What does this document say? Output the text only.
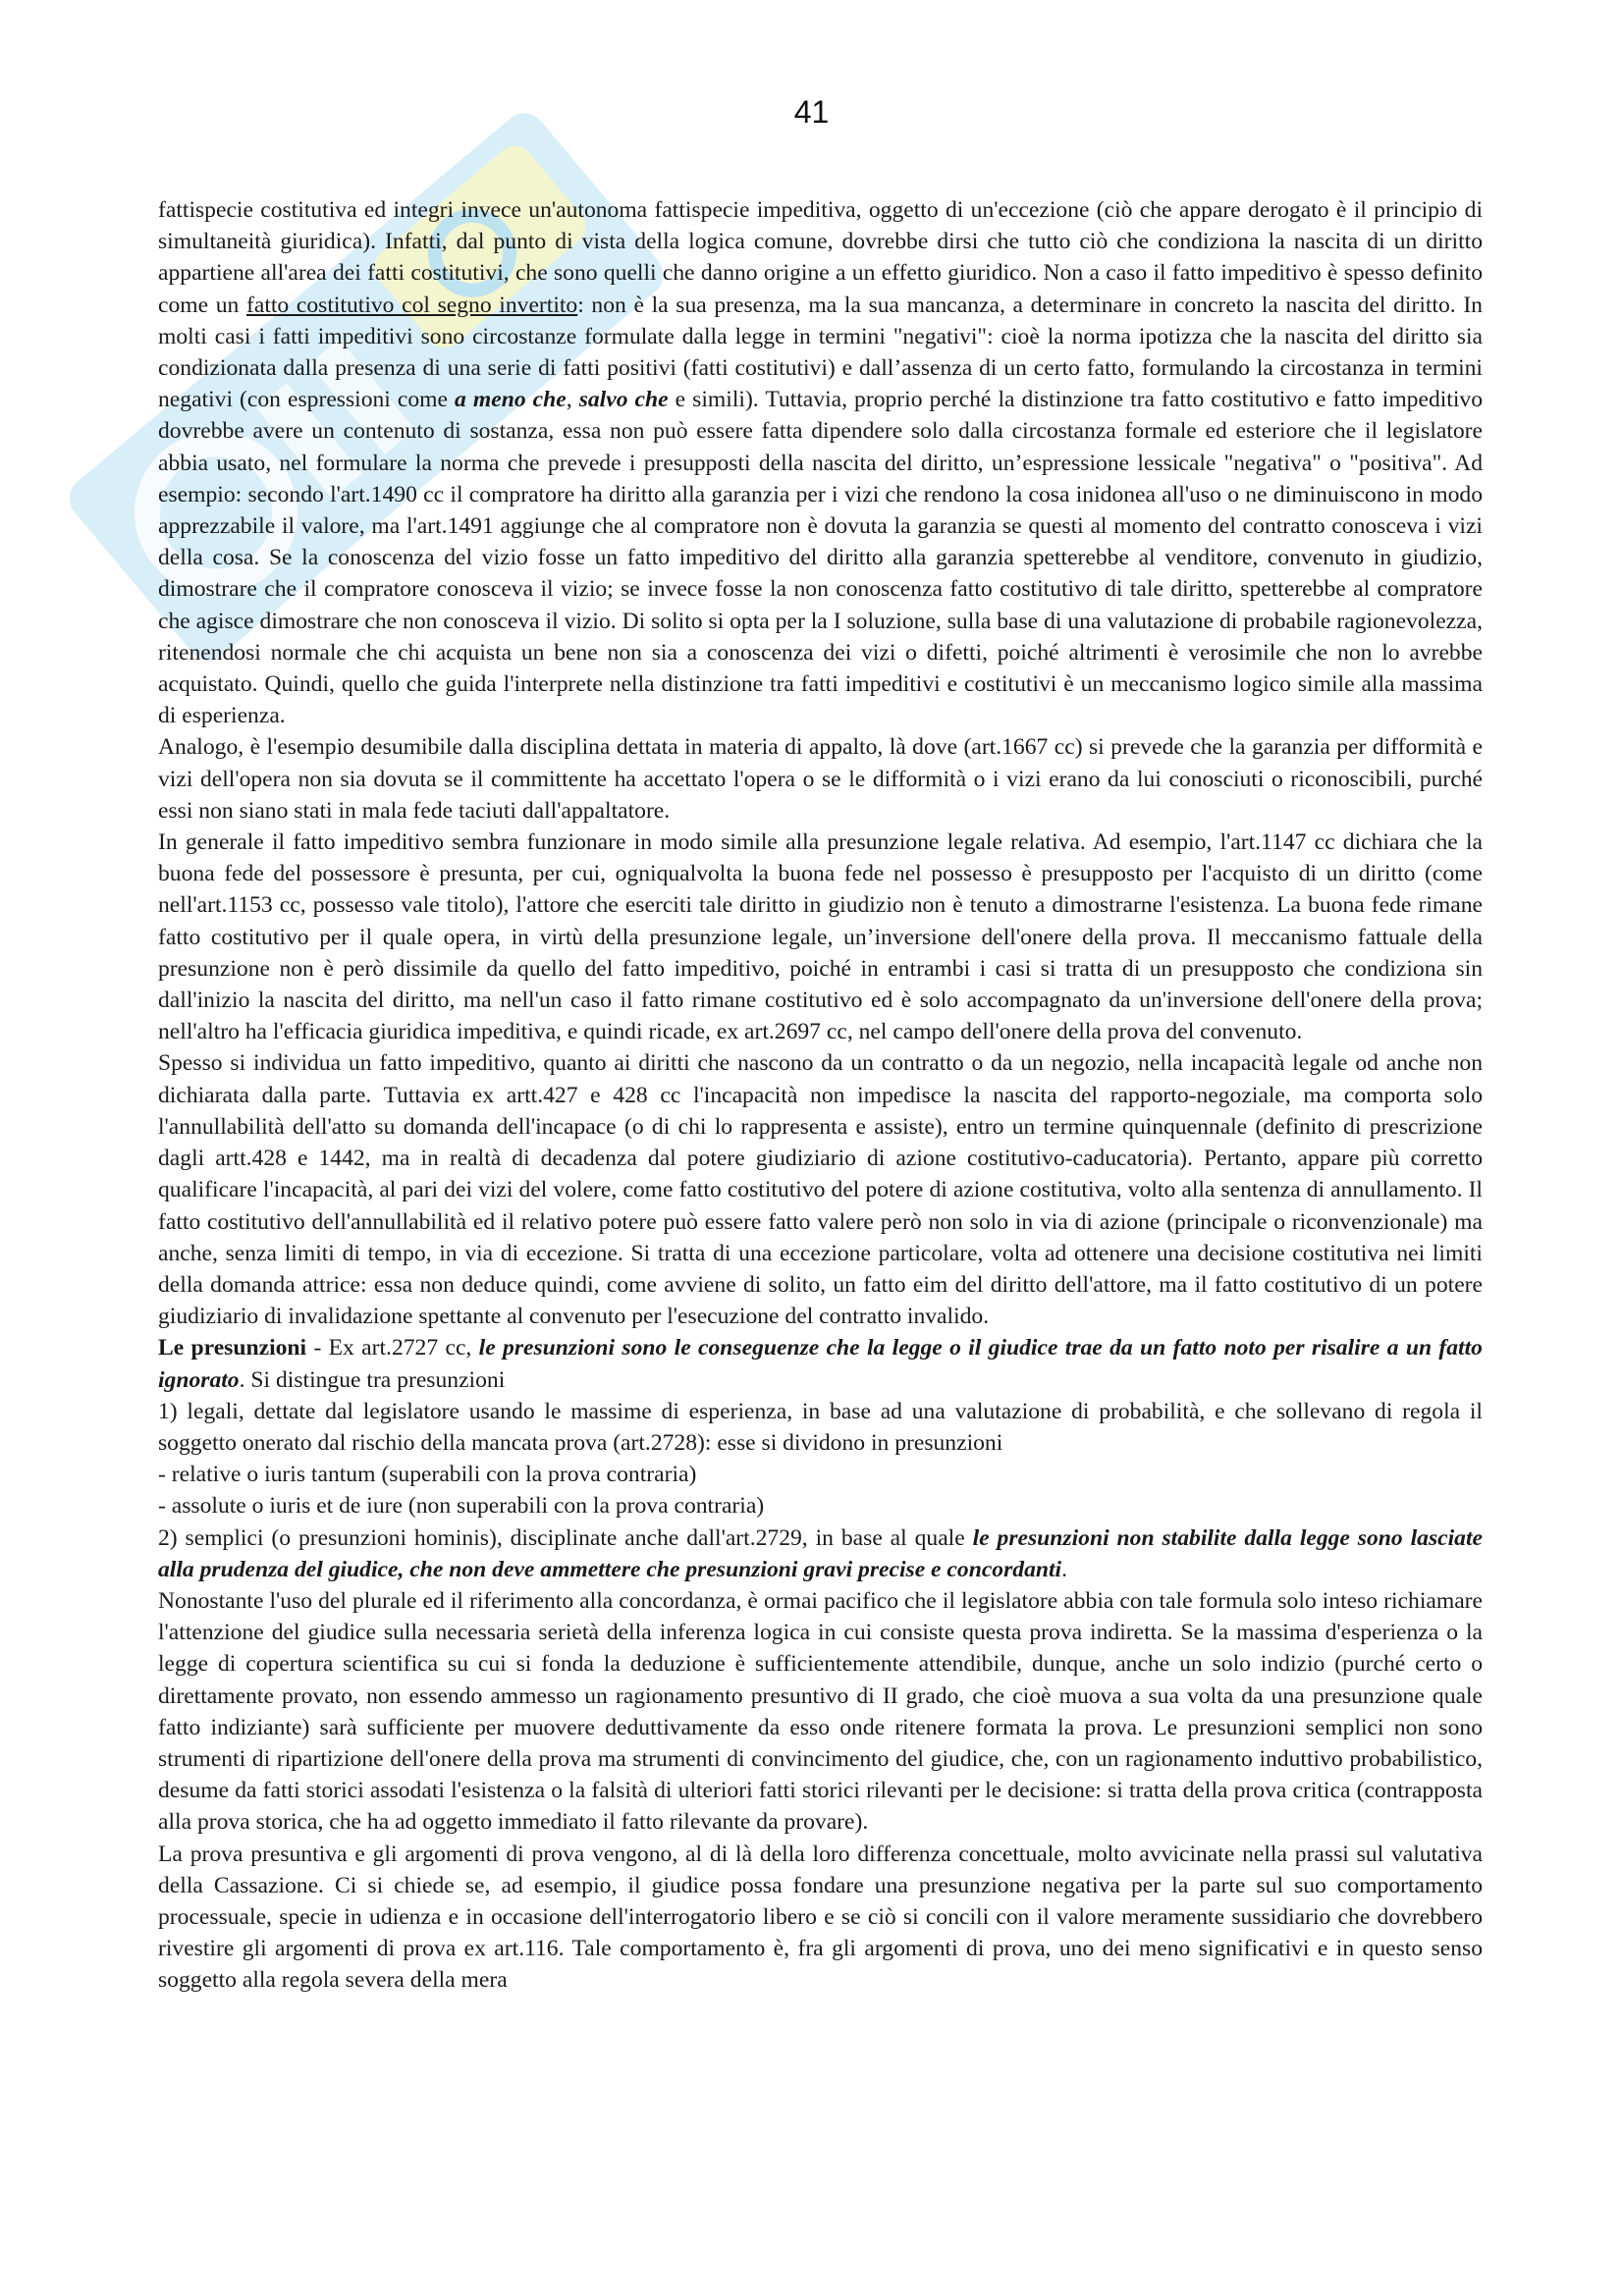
41

fattispecie costitutiva ed integri invece un'autonoma fattispecie impeditiva, oggetto di un'eccezione (ciò che appare derogato è il principio di simultaneità giuridica). Infatti, dal punto di vista della logica comune, dovrebbe dirsi che tutto ciò che condiziona la nascita di un diritto appartiene all'area dei fatti costitutivi, che sono quelli che danno origine a un effetto giuridico. Non a caso il fatto impeditivo è spesso definito come un fatto costitutivo col segno invertito: non è la sua presenza, ma la sua mancanza, a determinare in concreto la nascita del diritto. In molti casi i fatti impeditivi sono circostanze formulate dalla legge in termini "negativi": cioè la norma ipotizza che la nascita del diritto sia condizionata dalla presenza di una serie di fatti positivi (fatti costitutivi) e dall’assenza di un certo fatto, formulando la circostanza in termini negativi (con espressioni come a meno che, salvo che e simili). Tuttavia, proprio perché la distinzione tra fatto costitutivo e fatto impeditivo dovrebbe avere un contenuto di sostanza, essa non può essere fatta dipendere solo dalla circostanza formale ed esteriore che il legislatore abbia usato, nel formulare la norma che prevede i presupposti della nascita del diritto, un’espressione lessicale "negativa" o "positiva". Ad esempio: secondo l'art.1490 cc il compratore ha diritto alla garanzia per i vizi che rendono la cosa inidonea all'uso o ne diminuiscono in modo apprezzabile il valore, ma l'art.1491 aggiunge che al compratore non è dovuta la garanzia se questi al momento del contratto conosceva i vizi della cosa. Se la conoscenza del vizio fosse un fatto impeditivo del diritto alla garanzia spetterebbe al venditore, convenuto in giudizio, dimostrare che il compratore conosceva il vizio; se invece fosse la non conoscenza fatto costitutivo di tale diritto, spetterebbe al compratore che agisce dimostrare che non conosceva il vizio. Di solito si opta per la I soluzione, sulla base di una valutazione di probabile ragionevolezza, ritenendosi normale che chi acquista un bene non sia a conoscenza dei vizi o difetti, poiché altrimenti è verosimile che non lo avrebbe acquistato. Quindi, quello che guida l'interprete nella distinzione tra fatti impeditivi e costitutivi è un meccanismo logico simile alla massima di esperienza.

Analogo, è l'esempio desumibile dalla disciplina dettata in materia di appalto, là dove (art.1667 cc) si prevede che la garanzia per difformità e vizi dell'opera non sia dovuta se il committente ha accettato l'opera o se le difformità o i vizi erano da lui conosciuti o riconoscibili, purché essi non siano stati in mala fede taciuti dall'appaltatore.

In generale il fatto impeditivo sembra funzionare in modo simile alla presunzione legale relativa. Ad esempio, l'art.1147 cc dichiara che la buona fede del possessore è presunta, per cui, ogniqualvolta la buona fede nel possesso è presupposto per l'acquisto di un diritto (come nell'art.1153 cc, possesso vale titolo), l'attore che eserciti tale diritto in giudizio non è tenuto a dimostrarne l'esistenza. La buona fede rimane fatto costitutivo per il quale opera, in virtù della presunzione legale, un’inversione dell'onere della prova. Il meccanismo fattuale della presunzione non è però dissimile da quello del fatto impeditivo, poiché in entrambi i casi si tratta di un presupposto che condiziona sin dall'inizio la nascita del diritto, ma nell'un caso il fatto rimane costitutivo ed è solo accompagnato da un'inversione dell'onere della prova; nell'altro ha l'efficacia giuridica impeditiva, e quindi ricade, ex art.2697 cc, nel campo dell'onere della prova del convenuto.

Spesso si individua un fatto impeditivo, quanto ai diritti che nascono da un contratto o da un negozio, nella incapacità legale od anche non dichiarata dalla parte. Tuttavia ex artt.427 e 428 cc l'incapacità non impedisce la nascita del rapporto-negoziale, ma comporta solo l'annullabilità dell'atto su domanda dell'incapace (o di chi lo rappresenta e assiste), entro un termine quinquennale (definito di prescrizione dagli artt.428 e 1442, ma in realtà di decadenza dal potere giudiziario di azione costitutivo-caducatoria). Pertanto, appare più corretto qualificare l'incapacità, al pari dei vizi del volere, come fatto costitutivo del potere di azione costitutiva, volto alla sentenza di annullamento. Il fatto costitutivo dell'annullabilità ed il relativo potere può essere fatto valere però non solo in via di azione (principale o riconvenzionale) ma anche, senza limiti di tempo, in via di eccezione. Si tratta di una eccezione particolare, volta ad ottenere una decisione costitutiva nei limiti della domanda attrice: essa non deduce quindi, come avviene di solito, un fatto eim del diritto dell'attore, ma il fatto costitutivo di un potere giudiziario di invalidazione spettante al convenuto per l'esecuzione del contratto invalido.

Le presunzioni - Ex art.2727 cc, le presunzioni sono le conseguenze che la legge o il giudice trae da un fatto noto per risalire a un fatto ignorato. Si distingue tra presunzioni

1) legali, dettate dal legislatore usando le massime di esperienza, in base ad una valutazione di probabilità, e che sollevano di regola il soggetto onerato dal rischio della mancata prova (art.2728): esse si dividono in presunzioni

- relative o iuris tantum (superabili con la prova contraria)

- assolute o iuris et de iure (non superabili con la prova contraria)

2) semplici (o presunzioni hominis), disciplinate anche dall'art.2729, in base al quale le presunzioni non stabilite dalla legge sono lasciate alla prudenza del giudice, che non deve ammettere che presunzioni gravi precise e concordanti.

Nonostante l'uso del plurale ed il riferimento alla concordanza, è ormai pacifico che il legislatore abbia con tale formula solo inteso richiamare l'attenzione del giudice sulla necessaria serietà della inferenza logica in cui consiste questa prova indiretta. Se la massima d'esperienza o la legge di copertura scientifica su cui si fonda la deduzione è sufficientemente attendibile, dunque, anche un solo indizio (purché certo o direttamente provato, non essendo ammesso un ragionamento presuntivo di II grado, che cioè muova a sua volta da una presunzione quale fatto indiziante) sarà sufficiente per muovere deduttivamente da esso onde ritenere formata la prova. Le presunzioni semplici non sono strumenti di ripartizione dell'onere della prova ma strumenti di convincimento del giudice, che, con un ragionamento induttivo probabilistico, desume da fatti storici assodati l'esistenza o la falsità di ulteriori fatti storici rilevanti per le decisione: si tratta della prova critica (contrapposta alla prova storica, che ha ad oggetto immediato il fatto rilevante da provare).

La prova presuntiva e gli argomenti di prova vengono, al di là della loro differenza concettuale, molto avvicinate nella prassi sul valutativa della Cassazione. Ci si chiede se, ad esempio, il giudice possa fondare una presunzione negativa per la parte sul suo comportamento processuale, specie in udienza e in occasione dell'interrogatorio libero e se ciò si concili con il valore meramente sussidiario che dovrebbero rivestire gli argomenti di prova ex art.116. Tale comportamento è, fra gli argomenti di prova, uno dei meno significativi e in questo senso soggetto alla regola severa della mera
